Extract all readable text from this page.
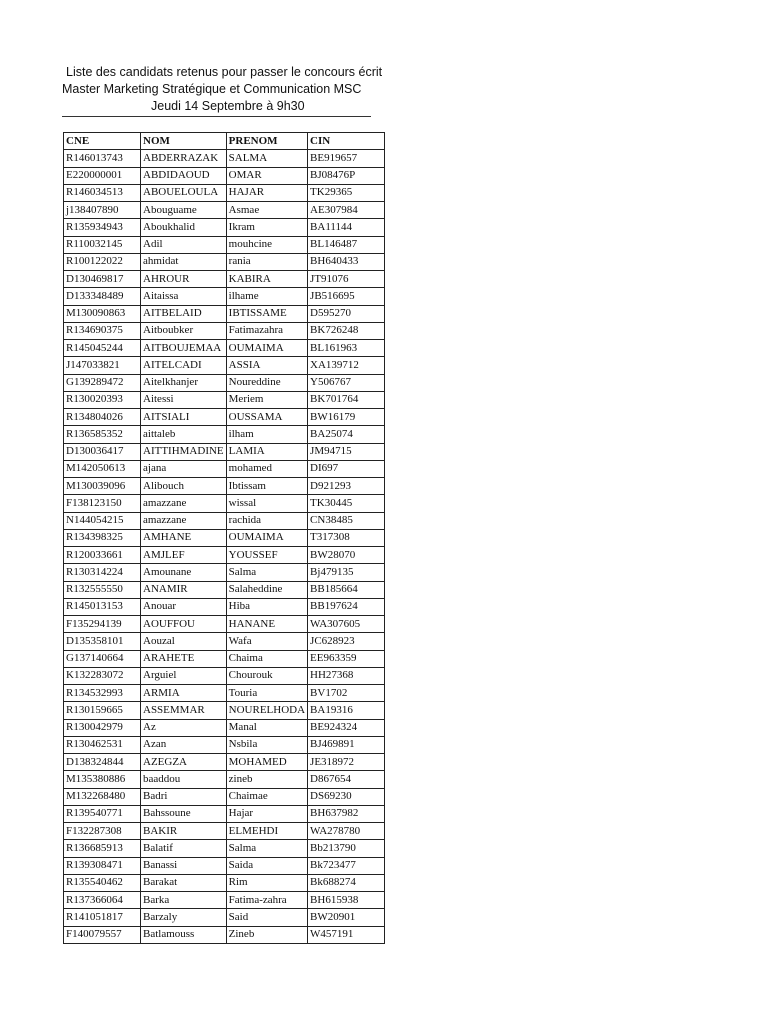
Liste des candidats retenus pour passer le concours écrit
Master Marketing Stratégique et Communication MSC
Jeudi 14 Septembre à 9h30
CNE	NOM	PRENOM	CIN
R146013743	ABDERRAZAK	SALMA	BE919657
E220000001	ABDIDAOUD	OMAR	BJ08476P
R146034513	ABOUELOULA	HAJAR	TK29365
j138407890	Abouguame	Asmae	AE307984
R135934943	Aboukhalid	Ikram	BA11144
R110032145	Adil	mouhcine	BL146487
R100122022	ahmidat	rania	BH640433
D130469817	AHROUR	KABIRA	JT91076
D133348489	Aitaissa	ilhame	JB516695
M130090863	AITBELAID	IBTISSAME	D595270
R134690375	Aitboubker	Fatimazahra	BK726248
R145045244	AITBOUJEMAA	OUMAIMA	BL161963
J147033821	AITELCADI	ASSIA	XA139712
G139289472	Aitelkhanjer	Noureddine	Y506767
R130020393	Aitessi	Meriem	BK701764
R134804026	AITSIALI	OUSSAMA	BW16179
R136585352	aittaleb	ilham	BA25074
D130036417	AITTIHMADINE	LAMIA	JM94715
M142050613	ajana	mohamed	DI697
M130039096	Alibouch	Ibtissam	D921293
F138123150	amazzane	wissal	TK30445
N144054215	amazzane	rachida	CN38485
R134398325	AMHANE	OUMAIMA	T317308
R120033661	AMJLEF	YOUSSEF	BW28070
R130314224	Amounane	Salma	Bj479135
R132555550	ANAMIR	Salaheddine	BB185664
R145013153	Anouar	Hiba	BB197624
F135294139	AOUFFOU	HANANE	WA307605
D135358101	Aouzal	Wafa	JC628923
G137140664	ARAHETE	Chaima	EE963359
K132283072	Arguiel	Chourouk	HH27368
R134532993	ARMIA	Touria	BV1702
R130159665	ASSEMMAR	NOURELHODA	BA19316
R130042979	Az	Manal	BE924324
R130462531	Azan	Nsbila	BJ469891
D138324844	AZEGZA	MOHAMED	JE318972
M135380886	baaddou	zineb	D867654
M132268480	Badri	Chaimae	DS69230
R139540771	Bahssoune	Hajar	BH637982
F132287308	BAKIR	ELMEHDI	WA278780
R136685913	Balatif	Salma	Bb213790
R139308471	Banassi	Saida	Bk723477
R135540462	Barakat	Rim	Bk688274
R137366064	Barka	Fatima-zahra	BH615938
R141051817	Barzaly	Said	BW20901
F140079557	Batlamouss	Zineb	W457191
